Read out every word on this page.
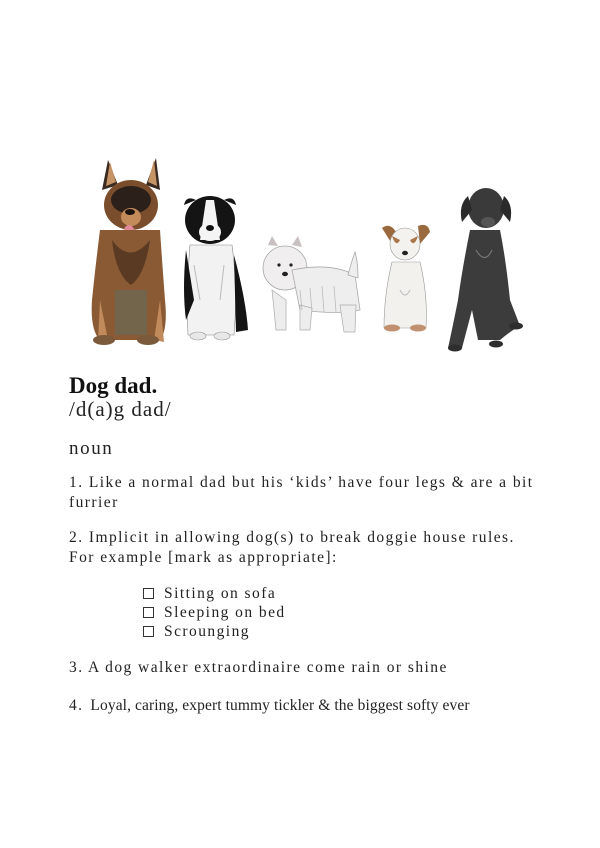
Dog dad.
/d(a)g dad/
noun
1. Like a normal dad but his ‘kids’ have four legs & are a bit furrier
2. Implicit in allowing dog(s) to break doggie house rules. For example [mark as appropriate]:
Sitting on sofa
Sleeping on bed
Scrounging
3. A dog walker extraordinaire come rain or shine
4. Loyal, caring, expert tummy tickler & the biggest softy ever
